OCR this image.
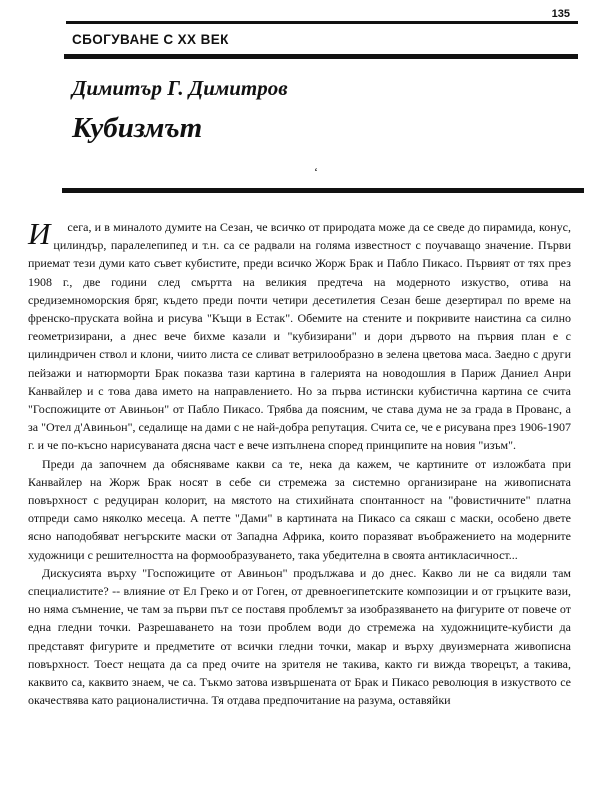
135
СБОГУВАНЕ С XX ВЕК
Димитър Г. Димитров
Кубизмът
ʻ

И сега, и в миналото думите на Сезан, че всичко от природата може да се сведе до пирамида, конус, цилиндър, паралелепипед и т.н. са се радвали на голяма известност с поучаващо значение. Първи приемат тези думи като съвет кубистите, преди всичко Жорж Брак и Пабло Пикасо. Първият от тях през 1908 г., две години след смъртта на великия предтеча на модерното изкуство, отива на средиземноморския бряг, където преди почти четири десетилетия Сезан беше дезертирал по време на френско-пруската война и рисува "Къщи в Естак". Обемите на стените и покривите наистина са силно геометризирани, а днес вече бихме казали и "кубизирани" и дори дървото на първия план е с цилиндричен ствол и клони, чиито листа се сливат ветрилообразно в зелена цветова маса. Заедно с други пейзажи и натюрморти Брак показва тази картина в галерията на новодошлия в Париж Даниел Анри Канвайлер и с това дава името на направлението. Но за първа истински кубистична картина се счита "Госпожиците от Авиньон" от Пабло Пикасо. Трябва да поясним, че става дума не за града в Прованс, а за "Отел д'Авиньон", седалище на дами с не най-добра репутация. Счита се, че е рисувана през 1906-1907 г. и че по-късно нарисуваната дясна част е вече изпълнена според принципите на новия "изъм".

Преди да започнем да обясняваме какви са те, нека да кажем, че картините от изложбата при Канвайлер на Жорж Брак носят в себе си стремежа за системно организиране на живописната повърхност с редуциран колорит, на мястото на стихийната спонтанност на "фовистичните" платна отпреди само няколко месеца. А петте "Дами" в картината на Пикасо са сякаш с маски, особено двете ясно наподобяват негърските маски от Западна Африка, които поразяват въображението на модерните художници с решителността на формообразуването, така убедителна в своята антикласичност...

Дискусията върху "Госпожиците от Авиньон" продължава и до днес. Какво ли не са видяли там специалистите? -- влияние от Ел Греко и от Гоген, от древноегипетските композиции и от гръцките вази, но няма съмнение, че там за първи път се поставя проблемът за изобразяването на фигурите от повече от една гледни точки. Разрешаването на този проблем води до стремежа на художниците-кубисти да представят фигурите и предметите от всички гледни точки, макар и върху двуизмерната живописна повърхност. Тоест нещата да са пред очите на зрителя не такива, както ги вижда творецът, а такива, каквито са, каквито знаем, че са. Тъкмо затова извършената от Брак и Пикасо революция в изкуството се окачествява като рационалистична. Тя отдава предпочитание на разума, оставяйки
